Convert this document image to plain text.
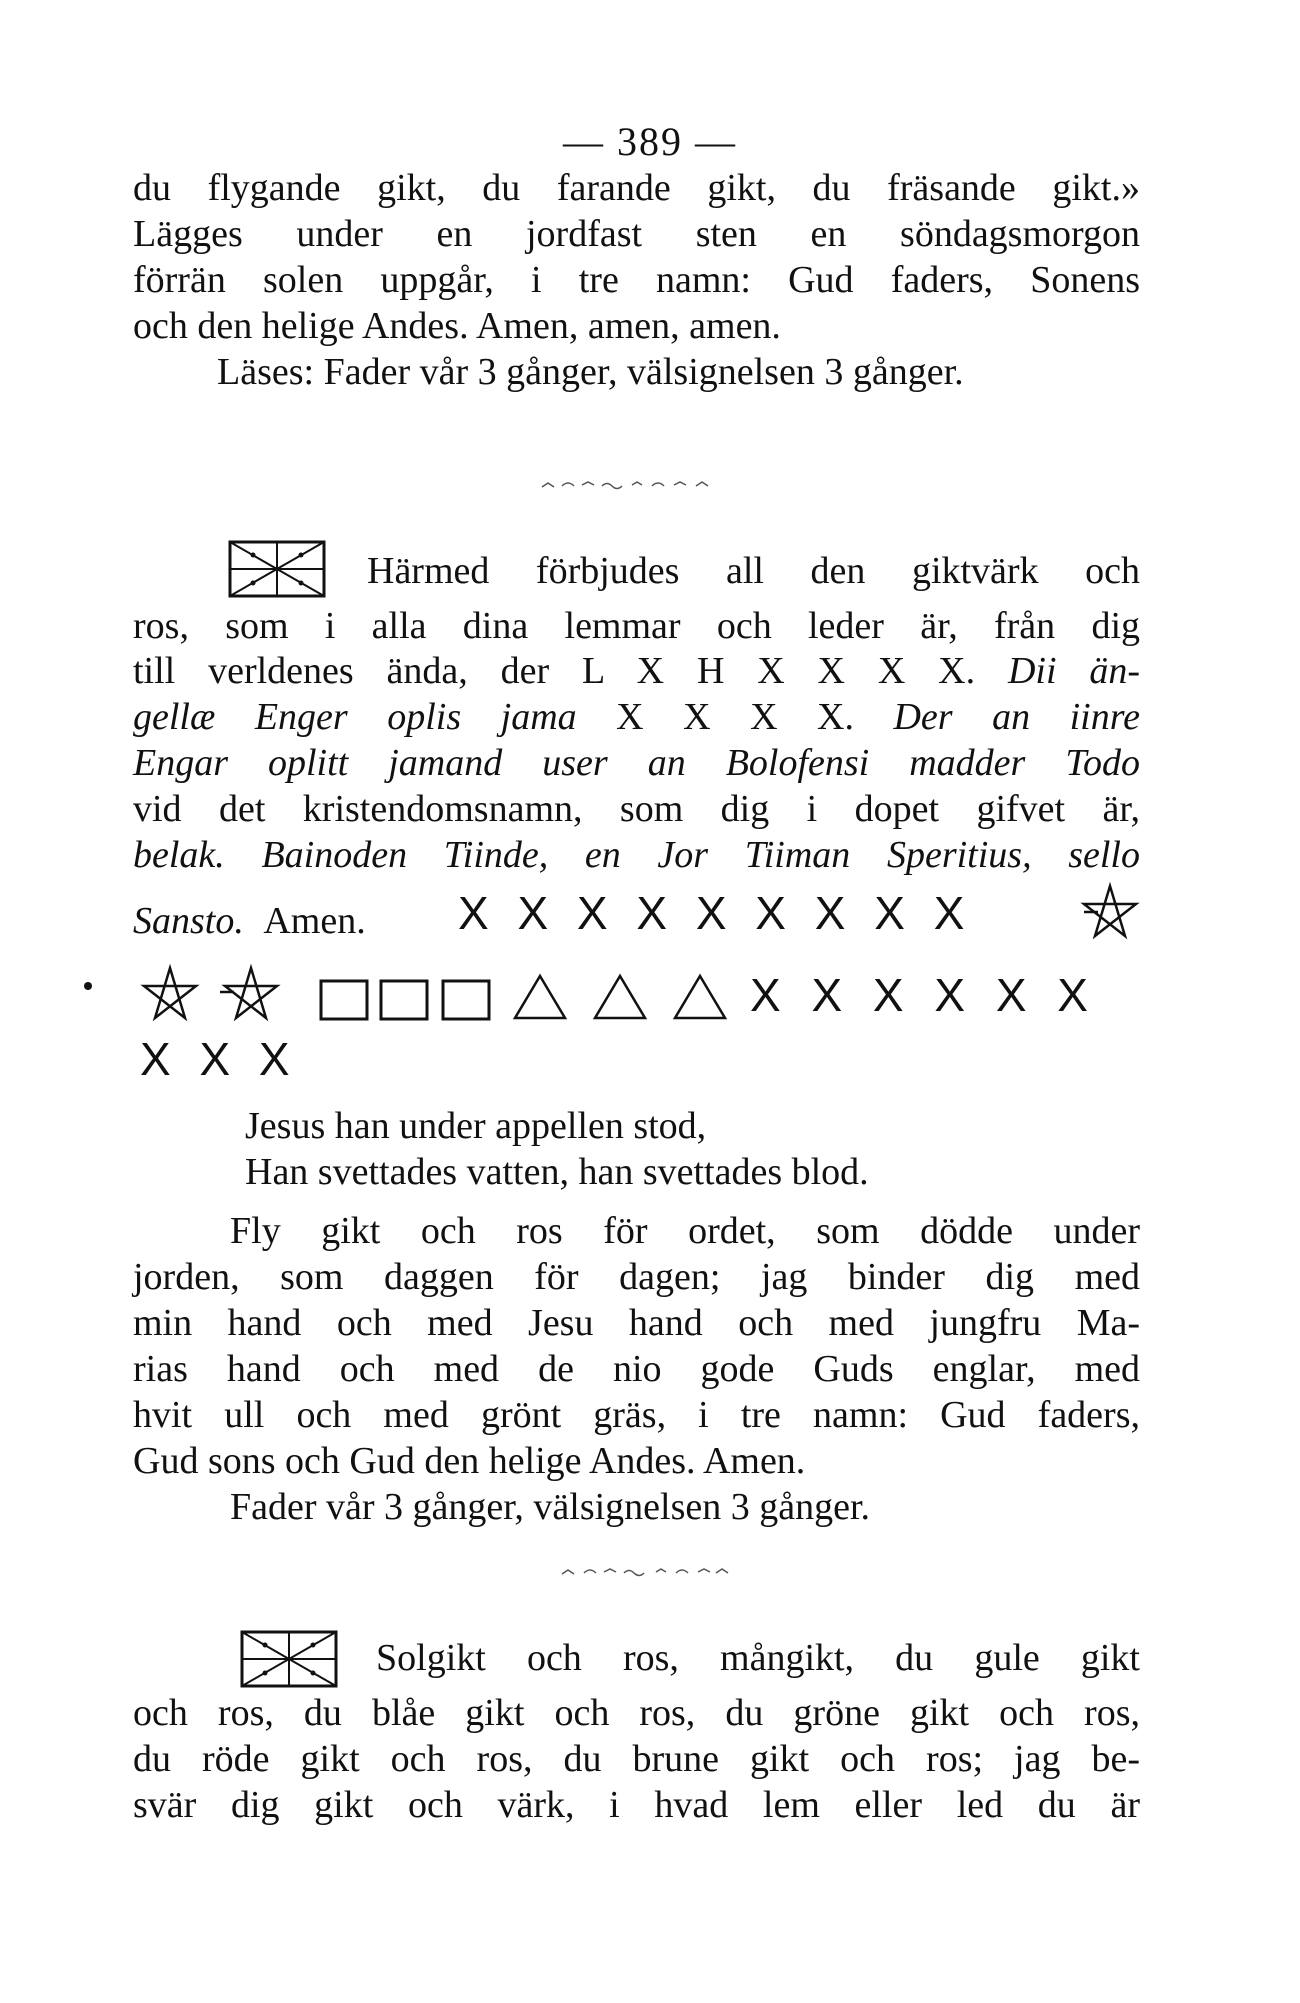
— 389 —
du flygande gikt, du farande gikt, du fräsande gikt.»
Lägges under en jordfast sten en söndagsmorgon
förrän solen uppgår, i tre namn: Gud faders, Sonens
och den helige Andes. Amen, amen, amen.
Läses: Fader vår 3 gånger, välsignelsen 3 gånger.
Härmed förbjudes all den giktvärk och
ros, som i alla dina lemmar och leder är, från dig
till verldenes ända, der L X H X X X X. Dii än-
gellæ Enger oplis jama X X X X. Der an iinre
Engar oplitt jamand user an Bolofensi madder Todo
vid det kristendomsnamn, som dig i dopet gifvet är,
belak. Bainoden Tiinde, en Jor Tiiman Speritius, sello
Sansto. Amen.	X X X X X X X X X
X X X X X X
X X X
Jesus han under appellen stod,
Han svettades vatten, han svettades blod.
Fly gikt och ros för ordet, som dödde under
jorden, som daggen för dagen; jag binder dig med
min hand och med Jesu hand och med jungfru Ma-
rias hand och med de nio gode Guds englar, med
hvit ull och med grönt gräs, i tre namn: Gud faders,
Gud sons och Gud den helige Andes. Amen.
Fader vår 3 gånger, välsignelsen 3 gånger.
Solgikt och ros, mångikt, du gule gikt
och ros, du blåe gikt och ros, du gröne gikt och ros,
du röde gikt och ros, du brune gikt och ros; jag be-
svär dig gikt och värk, i hvad lem eller led du är
